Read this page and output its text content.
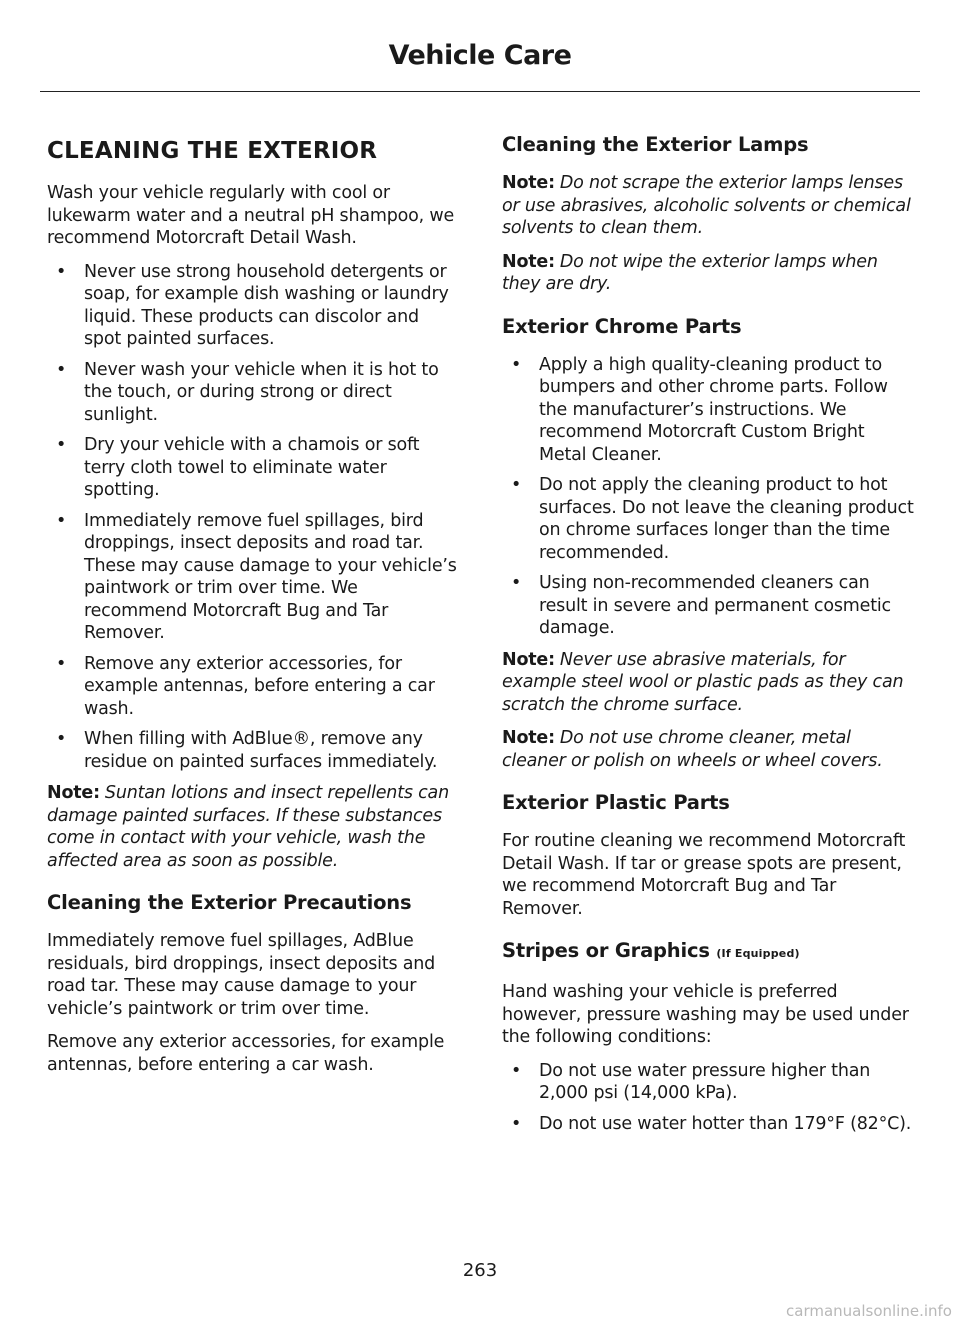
Vehicle Care
CLEANING THE EXTERIOR

Wash your vehicle regularly with cool or lukewarm water and a neutral pH shampoo, we recommend Motorcraft Detail Wash.

• Never use strong household detergents or soap, for example dish washing or laundry liquid. These products can discolor and spot painted surfaces.
• Never wash your vehicle when it is hot to the touch, or during strong or direct sunlight.
• Dry your vehicle with a chamois or soft terry cloth towel to eliminate water spotting.
• Immediately remove fuel spillages, bird droppings, insect deposits and road tar. These may cause damage to your vehicle’s paintwork or trim over time. We recommend Motorcraft Bug and Tar Remover.
• Remove any exterior accessories, for example antennas, before entering a car wash.
• When filling with AdBlue®, remove any residue on painted surfaces immediately.

Note: Suntan lotions and insect repellents can damage painted surfaces. If these substances come in contact with your vehicle, wash the affected area as soon as possible.

Cleaning the Exterior Precautions

Immediately remove fuel spillages, AdBlue residuals, bird droppings, insect deposits and road tar. These may cause damage to your vehicle’s paintwork or trim over time.

Remove any exterior accessories, for example antennas, before entering a car wash.

Cleaning the Exterior Lamps

Note: Do not scrape the exterior lamps lenses or use abrasives, alcoholic solvents or chemical solvents to clean them.

Note: Do not wipe the exterior lamps when they are dry.

Exterior Chrome Parts
• Apply a high quality-cleaning product to bumpers and other chrome parts. Follow the manufacturer’s instructions. We recommend Motorcraft Custom Bright Metal Cleaner.
• Do not apply the cleaning product to hot surfaces. Do not leave the cleaning product on chrome surfaces longer than the time recommended.
• Using non-recommended cleaners can result in severe and permanent cosmetic damage.

Note: Never use abrasive materials, for example steel wool or plastic pads as they can scratch the chrome surface.

Note: Do not use chrome cleaner, metal cleaner or polish on wheels or wheel covers.

Exterior Plastic Parts

For routine cleaning we recommend Motorcraft Detail Wash. If tar or grease spots are present, we recommend Motorcraft Bug and Tar Remover.

Stripes or Graphics (If Equipped)

Hand washing your vehicle is preferred however, pressure washing may be used under the following conditions:

• Do not use water pressure higher than 2,000 psi (14,000 kPa).
• Do not use water hotter than 179°F (82°C).
263
carmanualsonline.info
